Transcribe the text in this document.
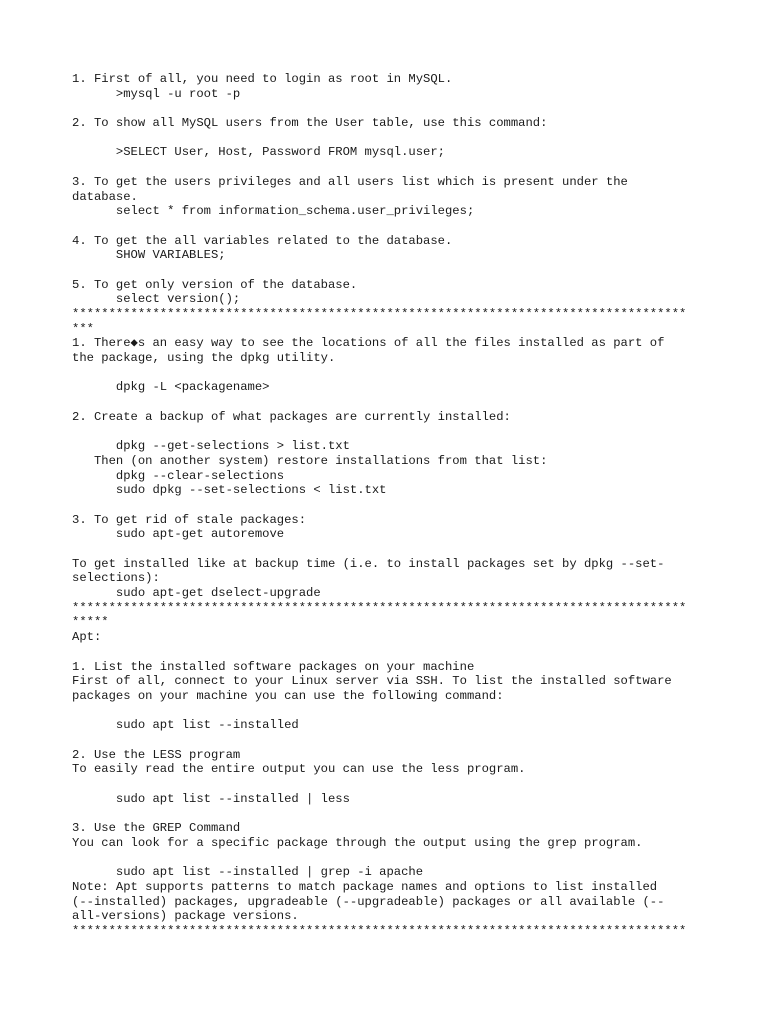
1. First of all, you need to login as root in MySQL.
>mysql -u root -p
2. To show all MySQL users from the User table, use this command:
>SELECT User, Host, Password FROM mysql.user;
3. To get the users privileges and all users list which is present under the
database.
select * from information_schema.user_privileges;
4. To get the all variables related to the database.
SHOW VARIABLES;
5. To get only version of the database.
select version();
************************************************************************************
***
1. There◆s an easy way to see the locations of all the files installed as part of
the package, using the dpkg utility.
dpkg -L <packagename>
2. Create a backup of what packages are currently installed:
dpkg --get-selections > list.txt
Then (on another system) restore installations from that list:
dpkg --clear-selections
sudo dpkg --set-selections < list.txt
3. To get rid of stale packages:
sudo apt-get autoremove
To get installed like at backup time (i.e. to install packages set by dpkg --set-
selections):
sudo apt-get dselect-upgrade
************************************************************************************
*****
Apt:
1. List the installed software packages on your machine
First of all, connect to your Linux server via SSH. To list the installed software
packages on your machine you can use the following command:
sudo apt list --installed
2. Use the LESS program
To easily read the entire output you can use the less program.
sudo apt list --installed | less
3. Use the GREP Command
You can look for a specific package through the output using the grep program.
sudo apt list --installed | grep -i apache
Note: Apt supports patterns to match package names and options to list installed
(--installed) packages, upgradeable (--upgradeable) packages or all available (--
all-versions) package versions.
************************************************************************************
